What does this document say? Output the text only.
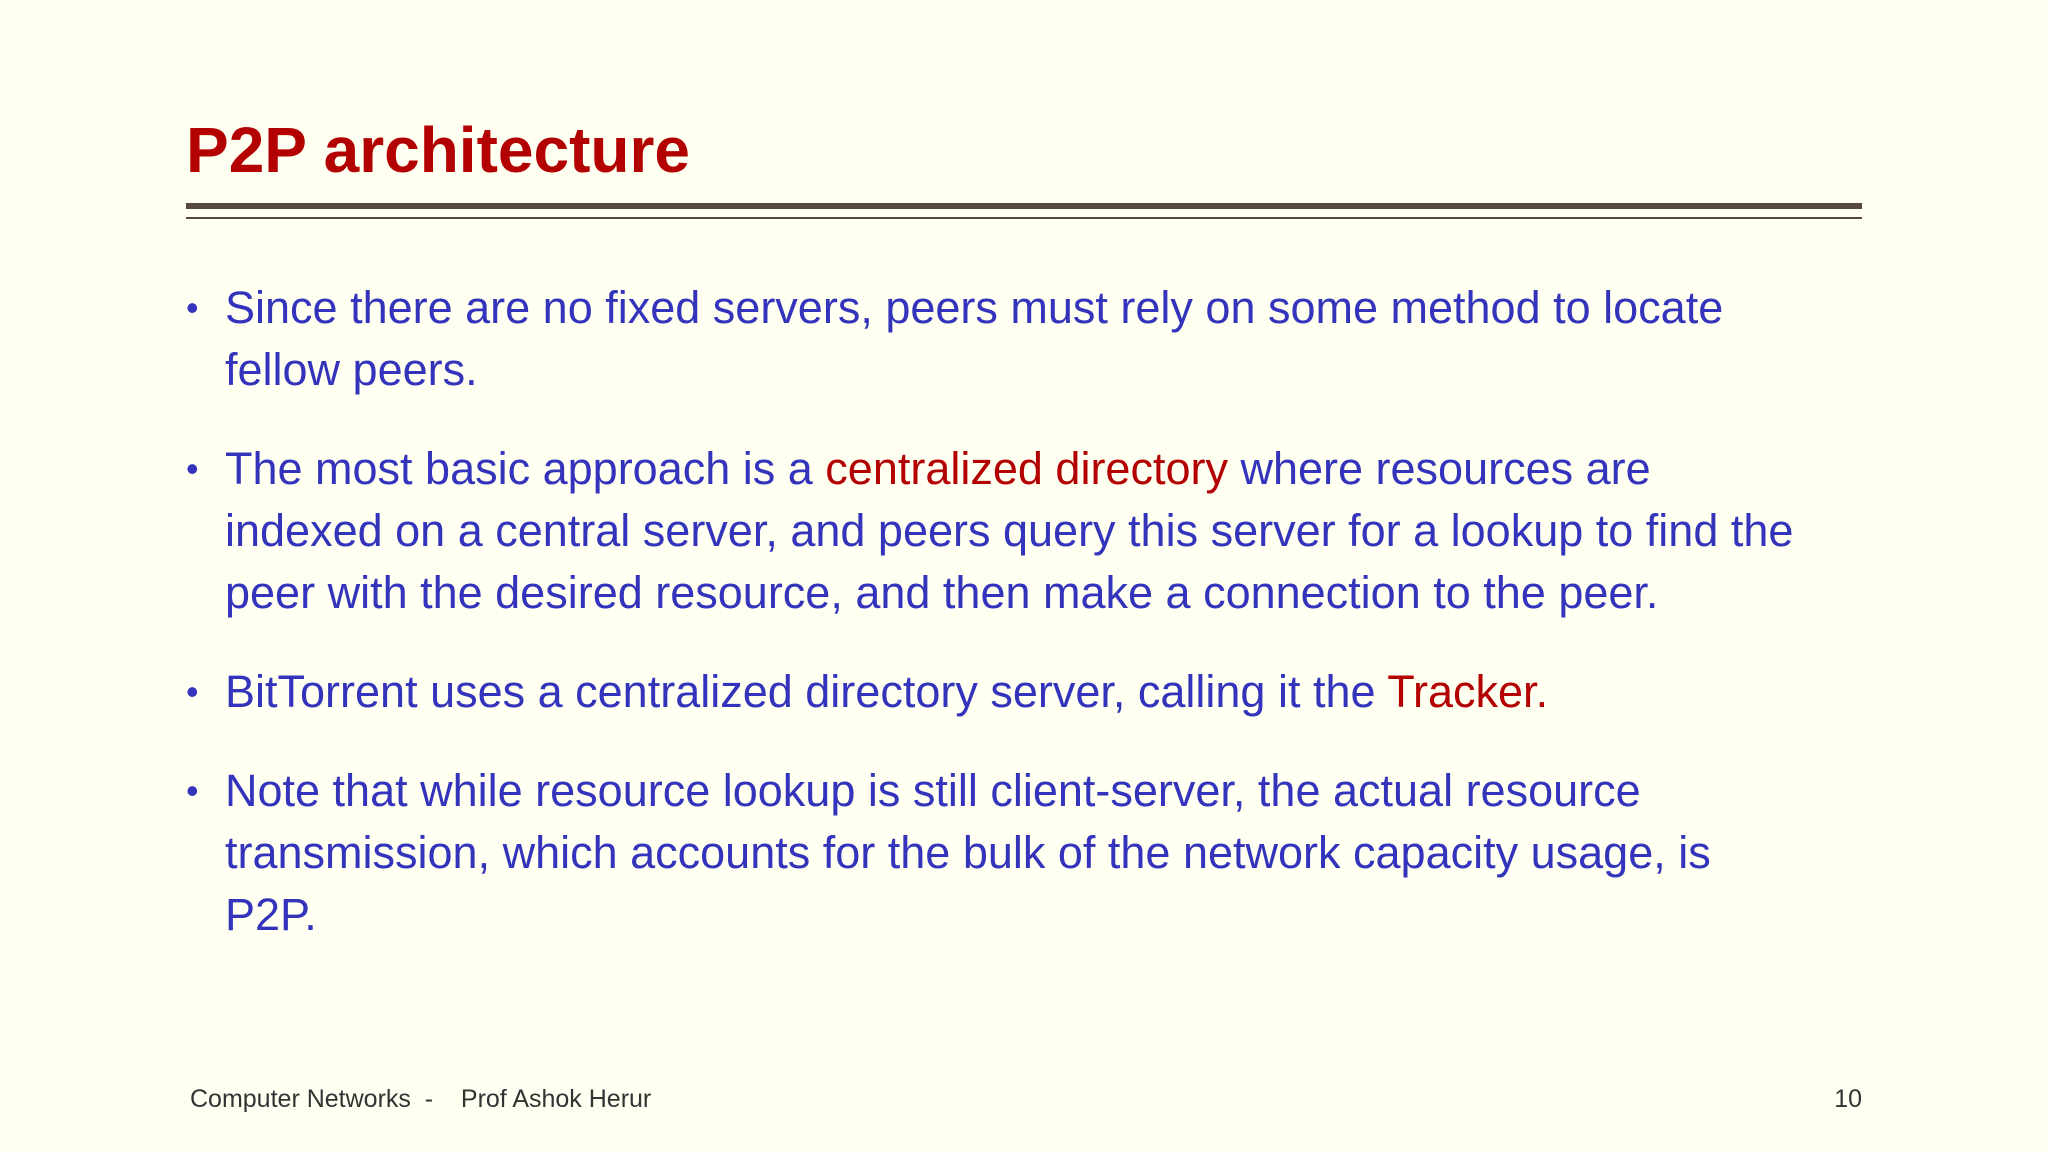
P2P architecture
• Since there are no fixed servers, peers must rely on some method to locate
fellow peers.
• The most basic approach is a centralized directory where resources are
indexed on a central server, and peers query this server for a lookup to find the
peer with the desired resource, and then make a connection to the peer.
• BitTorrent uses a centralized directory server, calling it the Tracker.
• Note that while resource lookup is still client-server, the actual resource
transmission, which accounts for the bulk of the network capacity usage, is
P2P.
Computer Networks  -    Prof Ashok Herur	10
